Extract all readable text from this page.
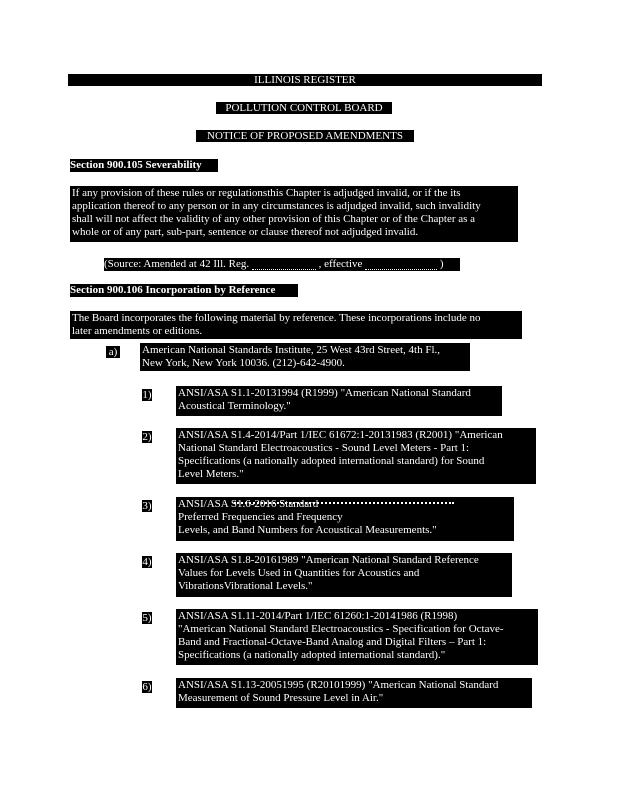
ILLINOIS REGISTER
POLLUTION CONTROL BOARD
NOTICE OF PROPOSED AMENDMENTS
Section 900.105 Severability
If any provision of these rules or regulationsthis Chapter is adjudged invalid, or if the its
application thereof to any person or in any circumstances is adjudged invalid, such invalidity
shall will not affect the validity of any other provision of this Chapter or of the Chapter as a
whole or of any part, sub-part, sentence or clause thereof not adjudged invalid.
(Source: Amended at 42 Ill. Reg.	, effective	)
Section 900.106 Incorporation by Reference
The Board incorporates the following material by reference. These incorporations include no
later amendments or editions.
a) American National Standards Institute, 25 West 43rd Street, 4th Fl.,
New York, New York 10036. (212)-642-4900.
1) ANSI/ASA S1.1-20131994 (R1999) "American National Standard
Acoustical Terminology."
2) ANSI/ASA S1.4-2014/Part 1/IEC 61672:1-20131983 (R2001) "American
National Standard Electroacoustics - Sound Level Meters - Part 1:
Specifications (a nationally adopted international standard) for Sound
Level Meters."
3) ANSI/ASA S1.6-2016 Standard
Preferred Frequencies and Frequency
Levels, and Band Numbers for Acoustical Measurements."
4) ANSI/ASA S1.8-20161989 "American National Standard Reference
Values for Levels Used in Quantities for Acoustics and
VibrationsVibrational Levels."
5) ANSI/ASA S1.11-2014/Part 1/IEC 61260:1-20141986 (R1998)
"American National Standard Electroacoustics - Specification for Octave-
Band and Fractional-Octave-Band Analog and Digital Filters – Part 1:
Specifications (a nationally adopted international standard)."
6) ANSI/ASA S1.13-20051995 (R20101999) "American National Standard
Measurement of Sound Pressure Level in Air."
